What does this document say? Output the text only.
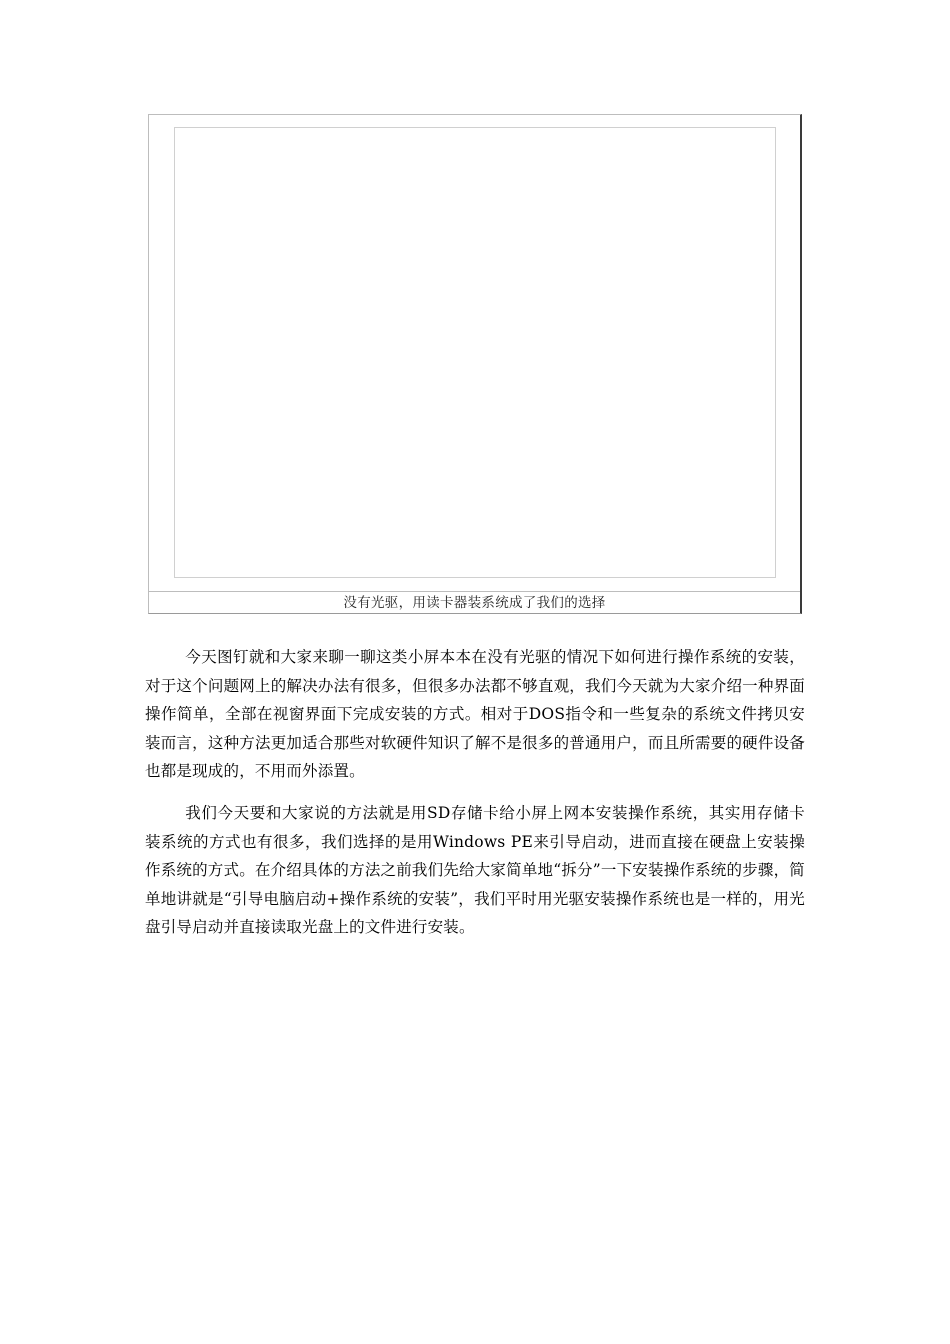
没有光驱，用读卡器装系统成了我们的选择

今天图钉就和大家来聊一聊这类小屏本本在没有光驱的情况下如何进行操作系统的安装，对于这个问题网上的解决办法有很多，但很多办法都不够直观，我们今天就为大家介绍一种界面操作简单，全部在视窗界面下完成安装的方式。相对于DOS指令和一些复杂的系统文件拷贝安装而言，这种方法更加适合那些对软硬件知识了解不是很多的普通用户，而且所需要的硬件设备也都是现成的，不用而外添置。

我们今天要和大家说的方法就是用SD存储卡给小屏上网本安装操作系统，其实用存储卡装系统的方式也有很多，我们选择的是用Windows PE来引导启动，进而直接在硬盘上安装操作系统的方式。在介绍具体的方法之前我们先给大家简单地“拆分”一下安装操作系统的步骤，简单地讲就是“引导电脑启动+操作系统的安装”，我们平时用光驱安装操作系统也是一样的，用光盘引导启动并直接读取光盘上的文件进行安装。
